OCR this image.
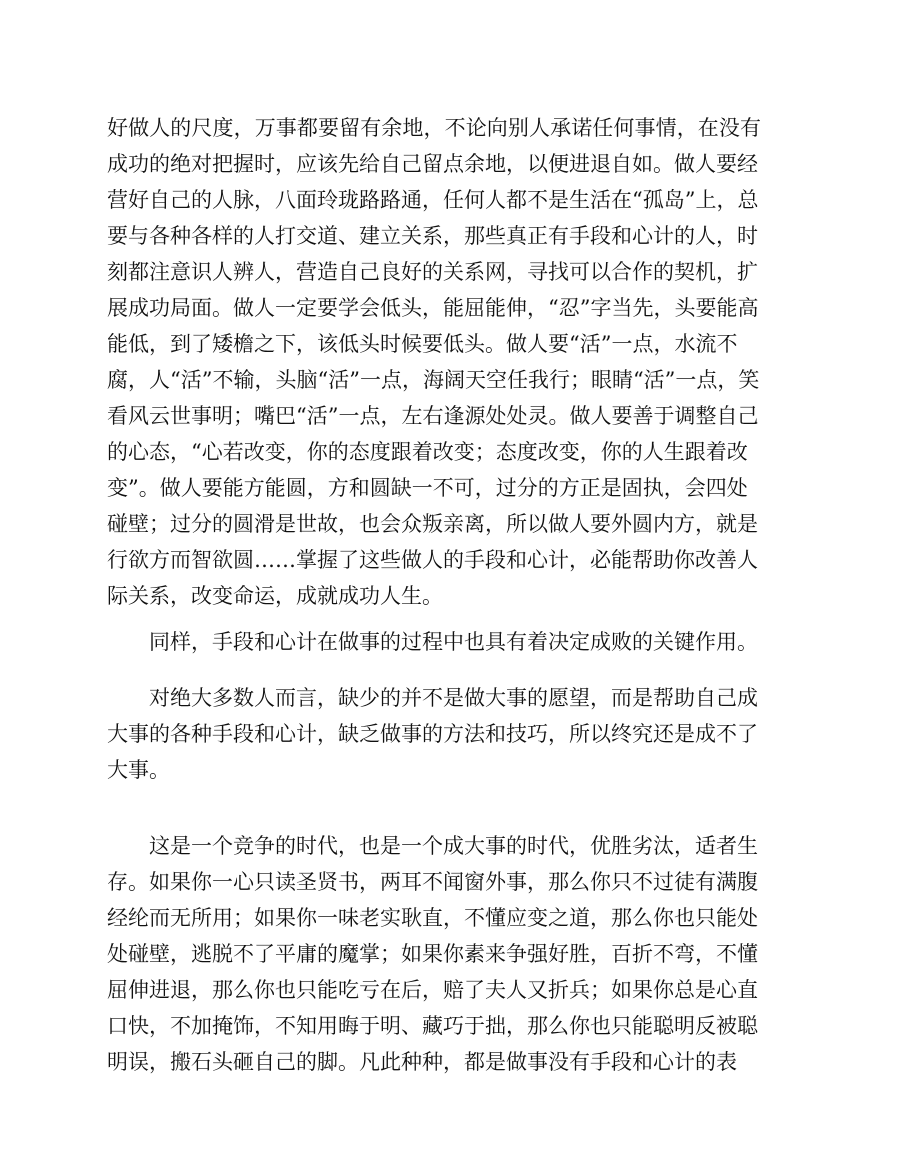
好做人的尺度，万事都要留有余地，不论向别人承诺任何事情，在没有
成功的绝对把握时，应该先给自己留点余地，以便进退自如。做人要经
营好自己的人脉，八面玲珑路路通，任何人都不是生活在“孤岛”上，总
要与各种各样的人打交道、建立关系，那些真正有手段和心计的人，时
刻都注意识人辨人，营造自己良好的关系网，寻找可以合作的契机，扩
展成功局面。做人一定要学会低头，能屈能伸，“忍”字当先，头要能高
能低，到了矮檐之下，该低头时候要低头。做人要“活”一点，水流不
腐，人“活”不输，头脑“活”一点，海阔天空任我行；眼睛“活”一点，笑
看风云世事明；嘴巴“活”一点，左右逢源处处灵。做人要善于调整自己
的心态，“心若改变，你的态度跟着改变；态度改变，你的人生跟着改
变”。做人要能方能圆，方和圆缺一不可，过分的方正是固执，会四处
碰壁；过分的圆滑是世故，也会众叛亲离，所以做人要外圆内方，就是
行欲方而智欲圆……掌握了这些做人的手段和心计，必能帮助你改善人
际关系，改变命运，成就成功人生。
同样，手段和心计在做事的过程中也具有着决定成败的关键作用。
对绝大多数人而言，缺少的并不是做大事的愿望，而是帮助自己成
大事的各种手段和心计，缺乏做事的方法和技巧，所以终究还是成不了
大事。
这是一个竞争的时代，也是一个成大事的时代，优胜劣汰，适者生
存。如果你一心只读圣贤书，两耳不闻窗外事，那么你只不过徒有满腹
经纶而无所用；如果你一味老实耿直，不懂应变之道，那么你也只能处
处碰壁，逃脱不了平庸的魔掌；如果你素来争强好胜，百折不弯，不懂
屈伸进退，那么你也只能吃亏在后，赔了夫人又折兵；如果你总是心直
口快，不加掩饰，不知用晦于明、藏巧于拙，那么你也只能聪明反被聪
明误，搬石头砸自己的脚。凡此种种，都是做事没有手段和心计的表
